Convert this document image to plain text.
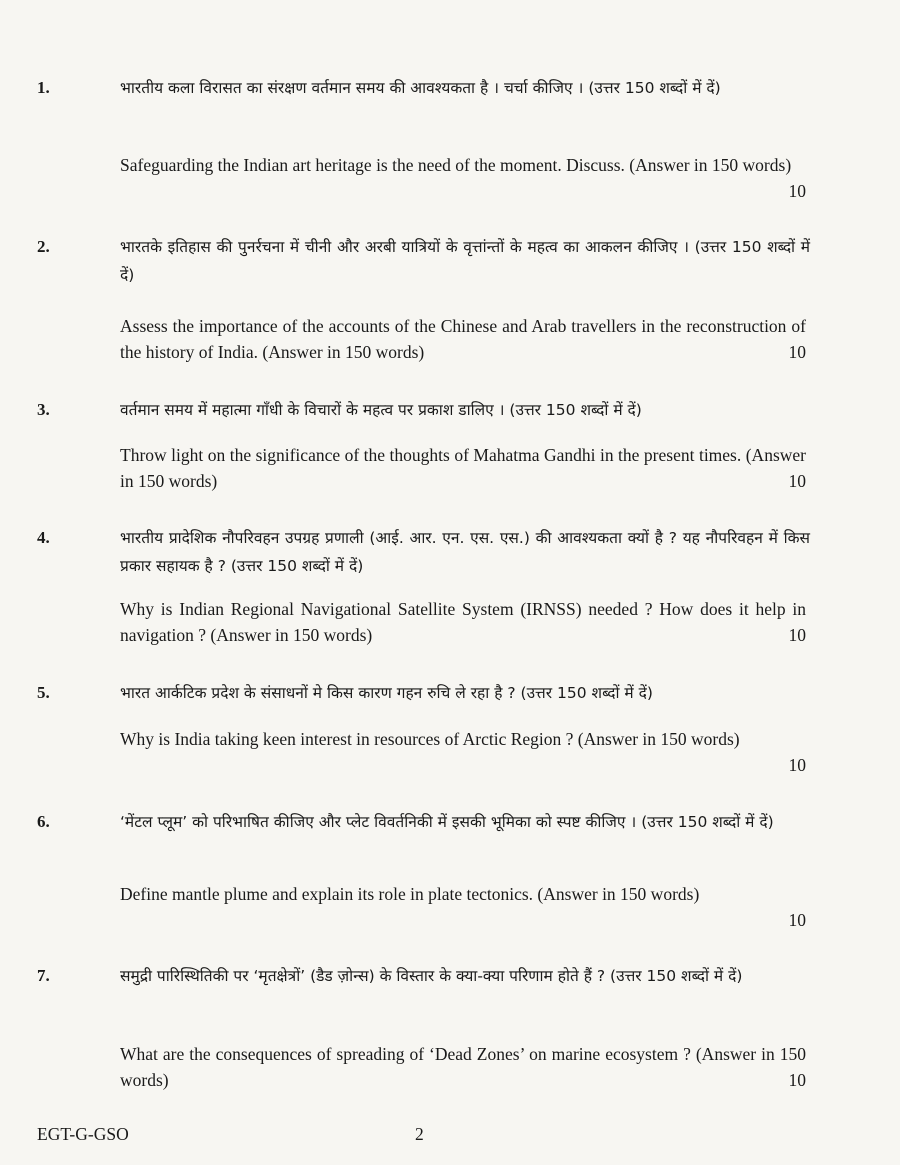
1.	भारतीय कला विरासत का संरक्षण वर्तमान समय की आवश्यकता है । चर्चा कीजिए । (उत्तर 150 शब्दों में दें)
Safeguarding the Indian art heritage is the need of the moment. Discuss. (Answer in 150 words)
10
2.	भारतके इतिहास की पुनर्रचना में चीनी और अरबी यात्रियों के वृत्तांन्तों के महत्व का आकलन कीजिए । (उत्तर 150 शब्दों में दें)
Assess the importance of the accounts of the Chinese and Arab travellers in the reconstruction of the history of India. (Answer in 150 words)	10
3.	वर्तमान समय में महात्मा गाँधी के विचारों के महत्व पर प्रकाश डालिए । (उत्तर 150 शब्दों में दें)
Throw light on the significance of the thoughts of Mahatma Gandhi in the present times. (Answer in 150 words)	10
4.	भारतीय प्रादेशिक नौपरिवहन उपग्रह प्रणाली (आई. आर. एन. एस. एस.) की आवश्यकता क्यों है ? यह नौपरिवहन में किस प्रकार सहायक है ? (उत्तर 150 शब्दों में दें)
Why is Indian Regional Navigational Satellite System (IRNSS) needed ? How does it help in navigation ? (Answer in 150 words)	10
5.	भारत आर्कटिक प्रदेश के संसाधनों मे किस कारण गहन रुचि ले रहा है ? (उत्तर 150 शब्दों में दें)
Why is India taking keen interest in resources of Arctic Region ? (Answer in 150 words)
10
6.	‘मेंटल प्लूम’ को परिभाषित कीजिए और प्लेट विवर्तनिकी में इसकी भूमिका को स्पष्ट कीजिए । (उत्तर 150 शब्दों में दें)
Define mantle plume and explain its role in plate tectonics. (Answer in 150 words)
10
7.	समुद्री पारिस्थितिकी पर ‘मृतक्षेत्रों’ (डैड ज़ोन्स) के विस्तार के क्या-क्या परिणाम होते हैं ? (उत्तर 150 शब्दों में दें)
What are the consequences of spreading of ‘Dead Zones’ on marine ecosystem ? (Answer in 150 words)	10
EGT-G-GSO	2
